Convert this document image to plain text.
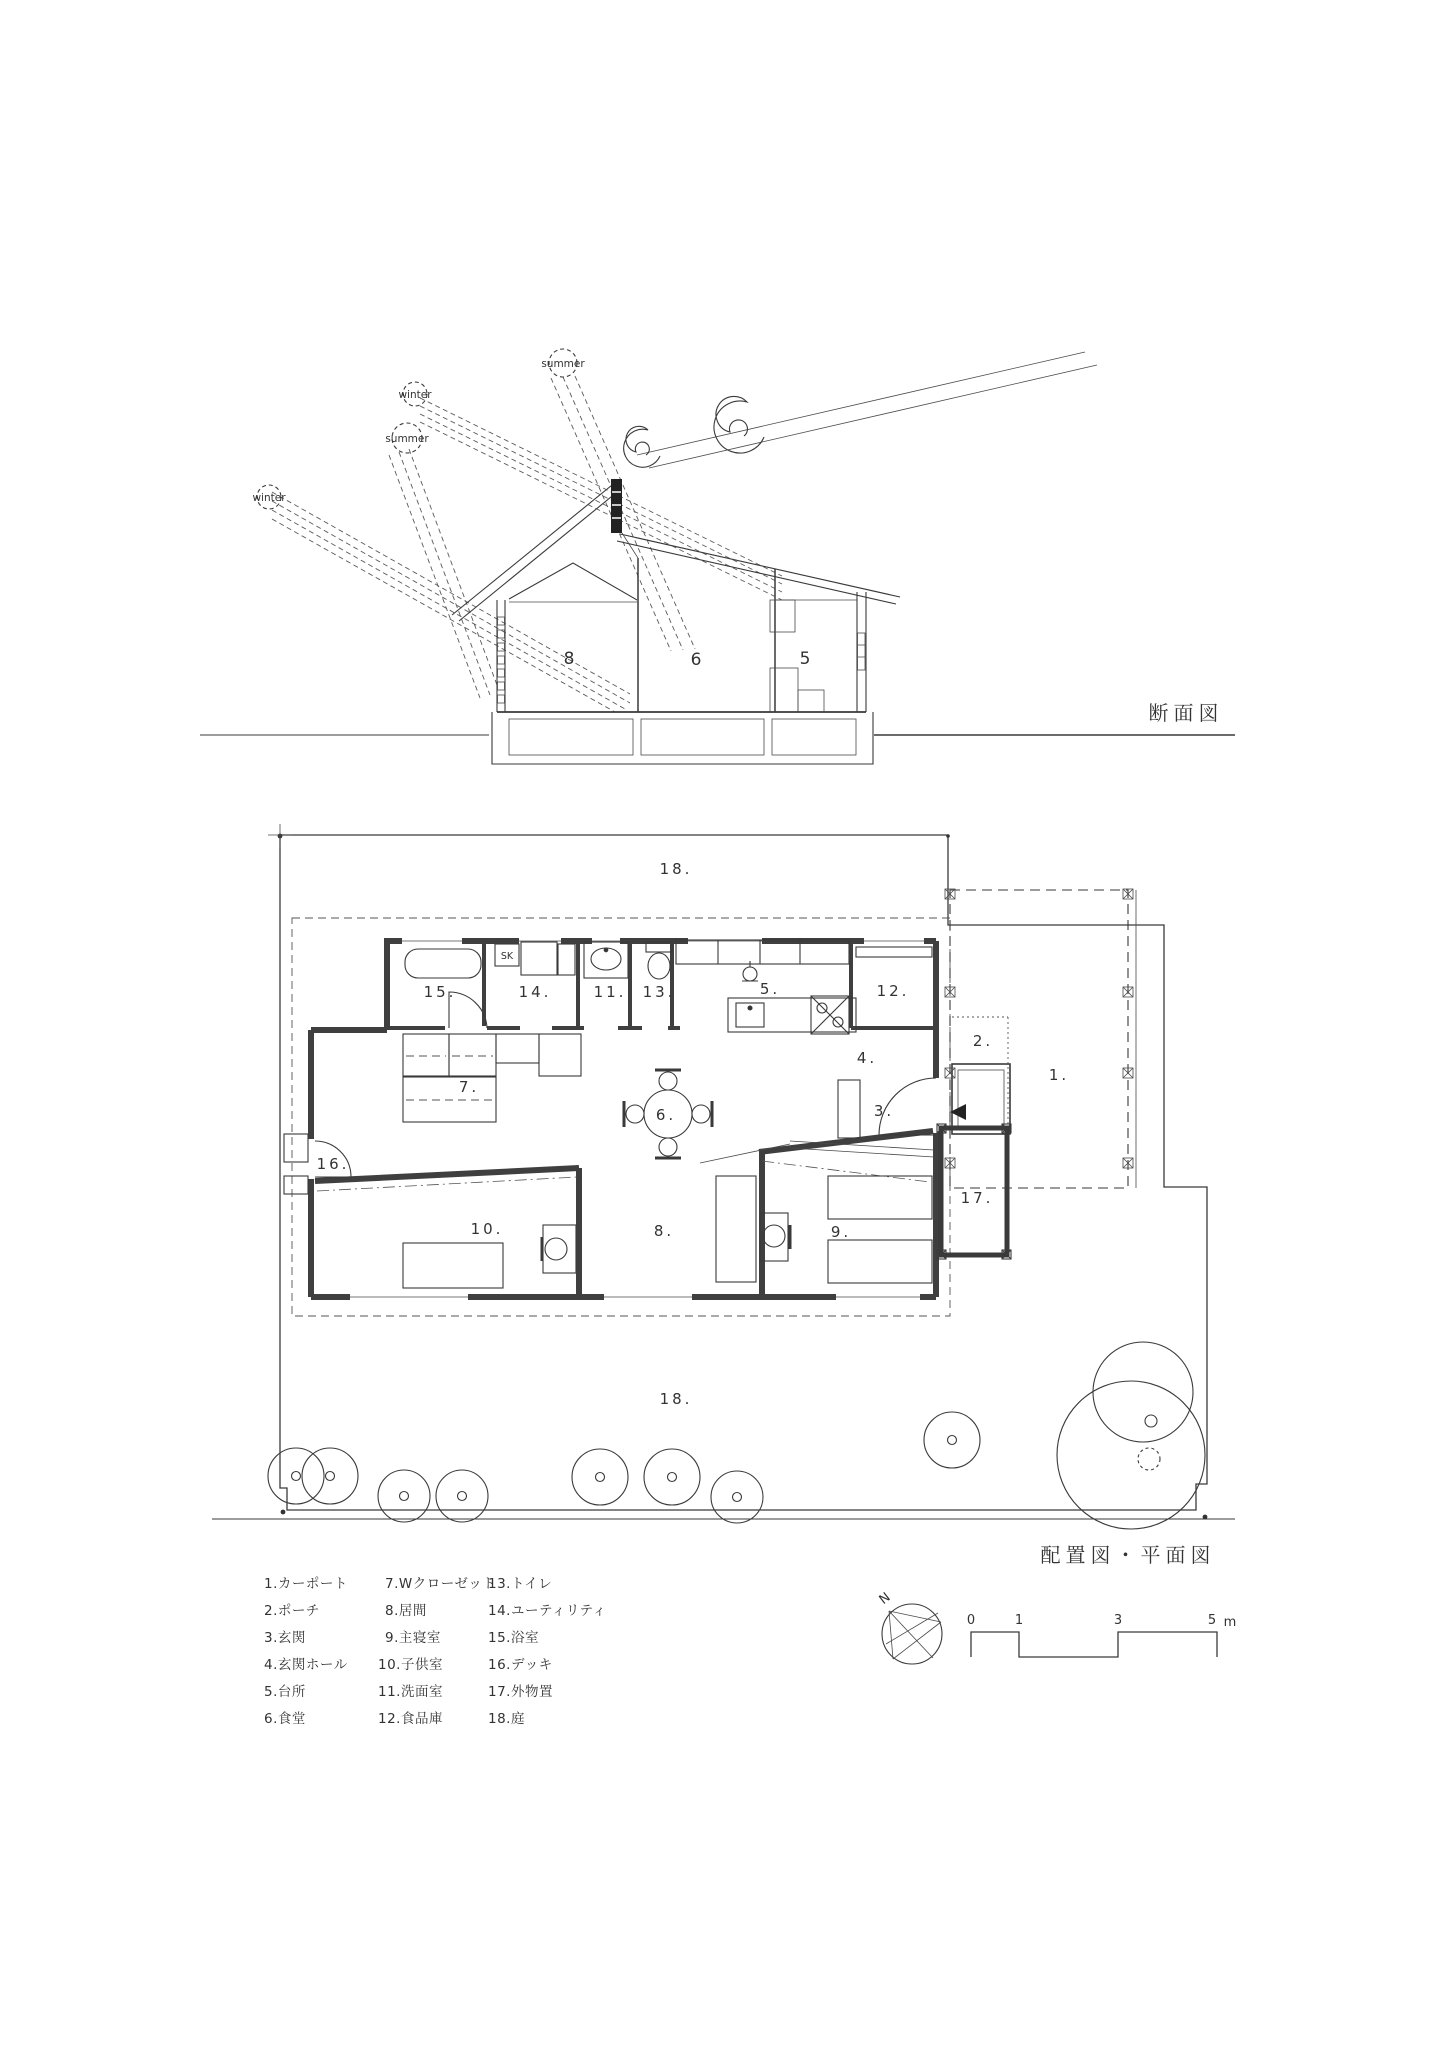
summer
winter
summer
winter
8	6	5
断面図
18.
15.	14.	11. 13.	5.	12.
7.
6.
2.
1.
4.
3.
17.
16.
10.	8.	9.
18.
SK
配置図・平面図
1.カーポート
2.ポーチ
3.玄関
4.玄関ホール
5.台所
6.食堂
7.Wクローゼット
8.居間
9.主寝室
10.子供室
11.洗面室
12.食品庫
13.トイレ
14.ユーティリティ
15.浴室
16.デッキ
17.外物置
18.庭
N
0	1	3	5 m
